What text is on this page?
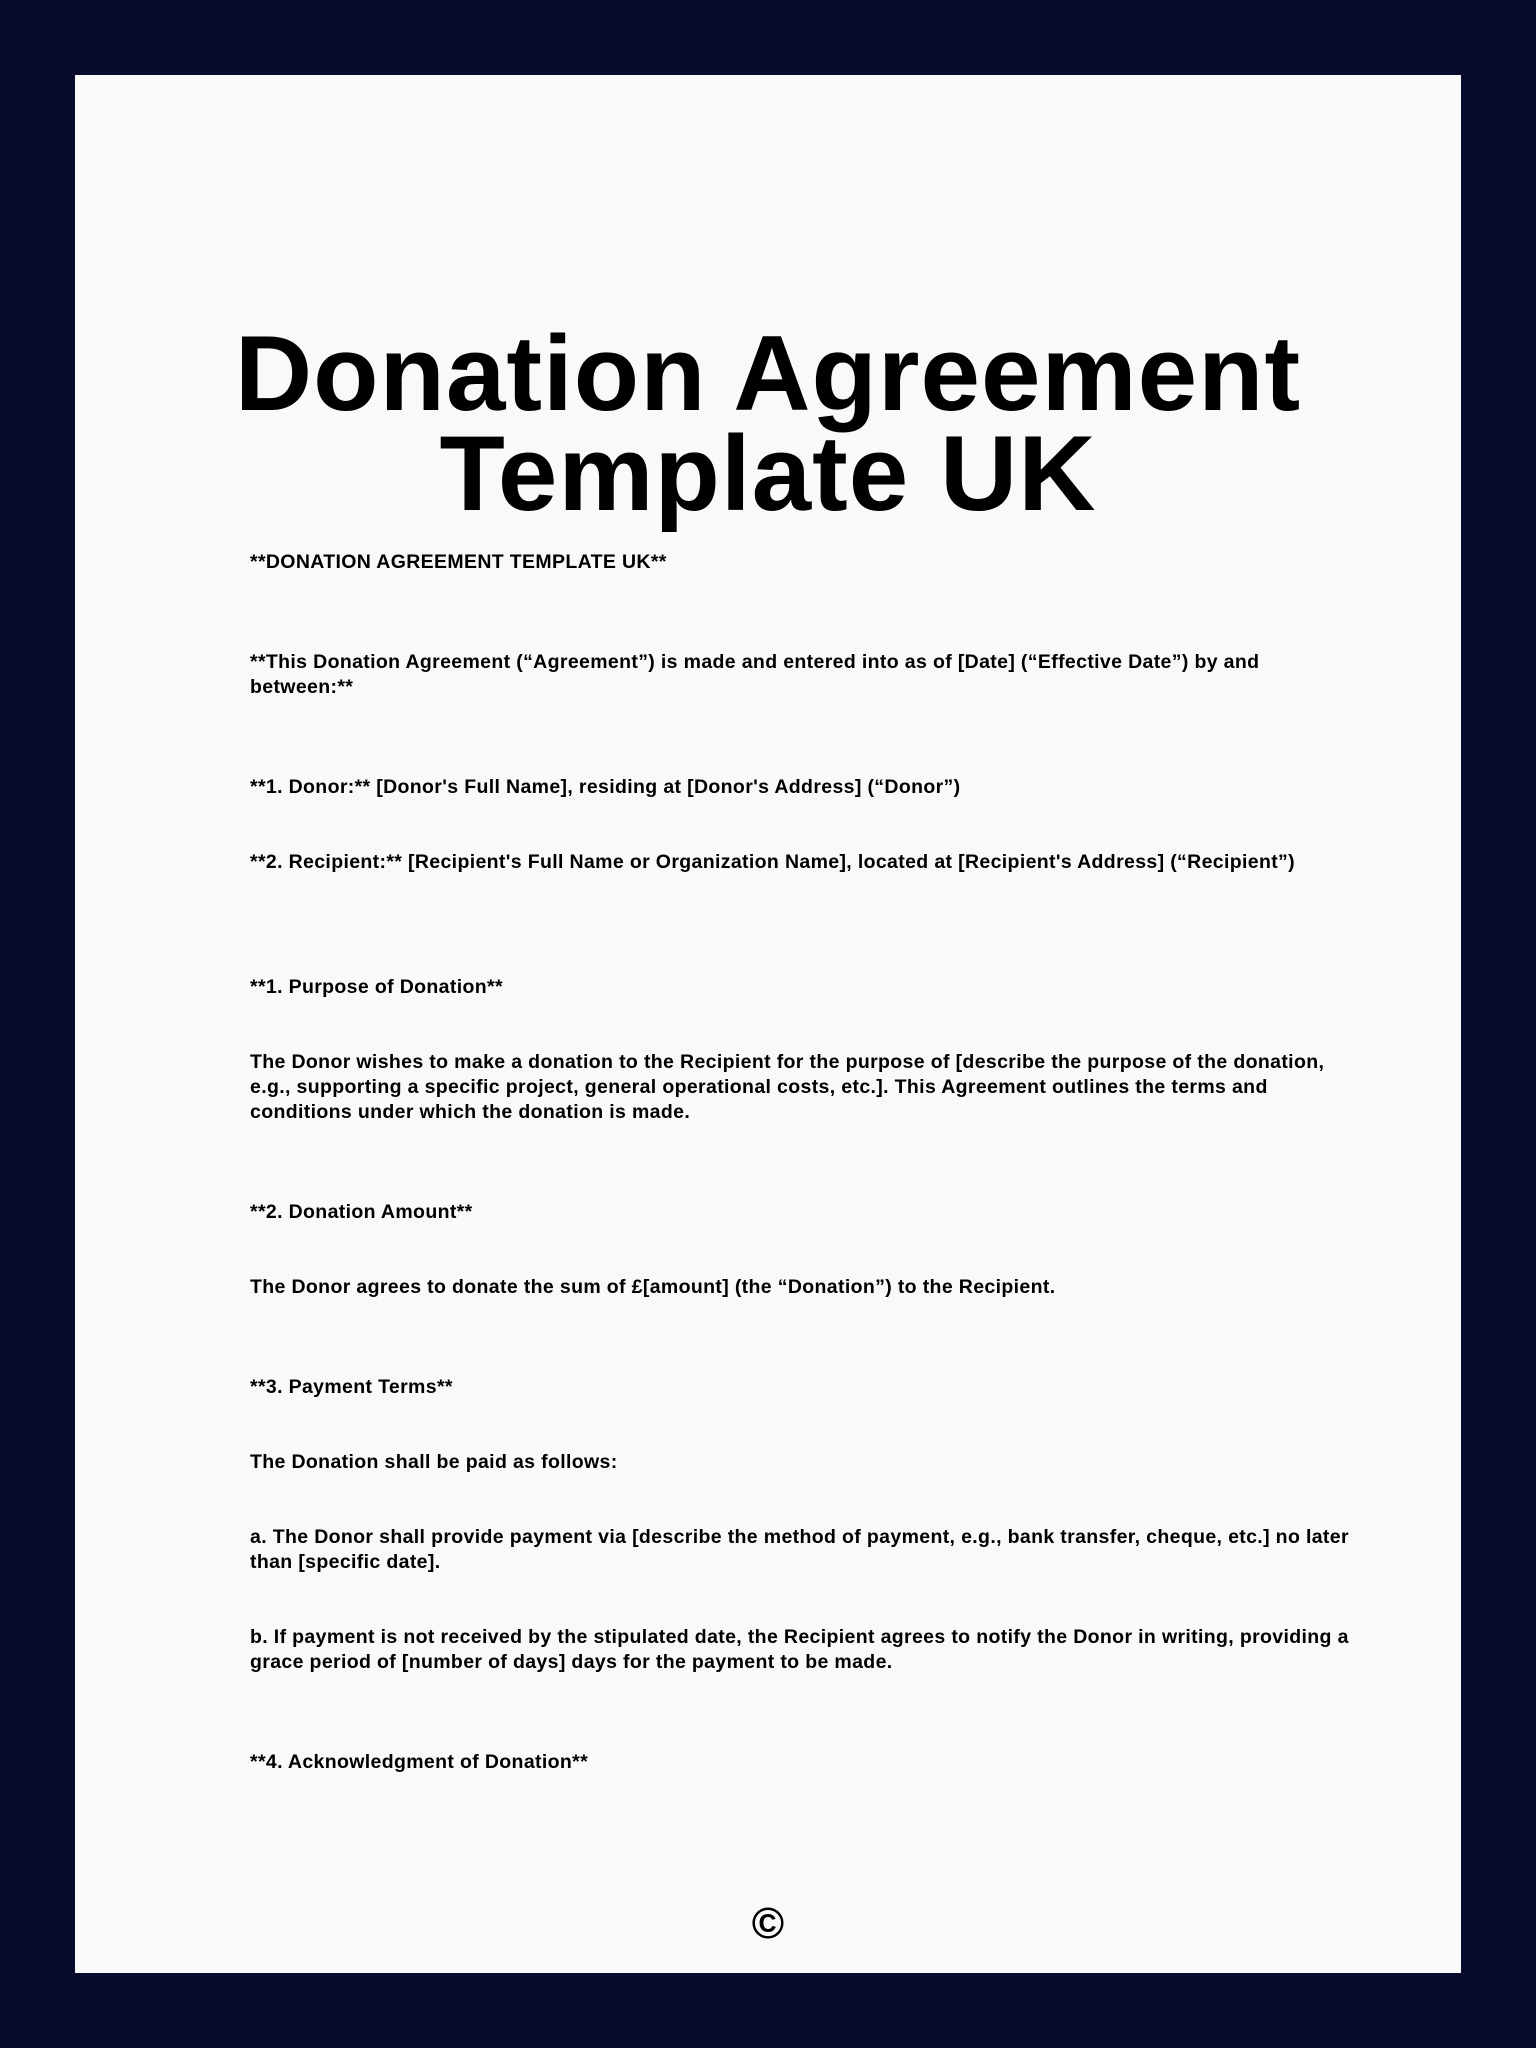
Donation Agreement
Template UK

**DONATION AGREEMENT TEMPLATE UK**

**This Donation Agreement (“Agreement”) is made and entered into as of [Date] (“Effective Date”) by and between:**

**1. Donor:** [Donor's Full Name], residing at [Donor's Address] (“Donor”)

**2. Recipient:** [Recipient's Full Name or Organization Name], located at [Recipient's Address] (“Recipient”)

**1. Purpose of Donation**

The Donor wishes to make a donation to the Recipient for the purpose of [describe the purpose of the donation, e.g., supporting a specific project, general operational costs, etc.]. This Agreement outlines the terms and conditions under which the donation is made.

**2. Donation Amount**

The Donor agrees to donate the sum of £[amount] (the “Donation”) to the Recipient.

**3. Payment Terms**

The Donation shall be paid as follows:

a. The Donor shall provide payment via [describe the method of payment, e.g., bank transfer, cheque, etc.] no later than [specific date].

b. If payment is not received by the stipulated date, the Recipient agrees to notify the Donor in writing, providing a grace period of [number of days] days for the payment to be made.

**4. Acknowledgment of Donation**

©
